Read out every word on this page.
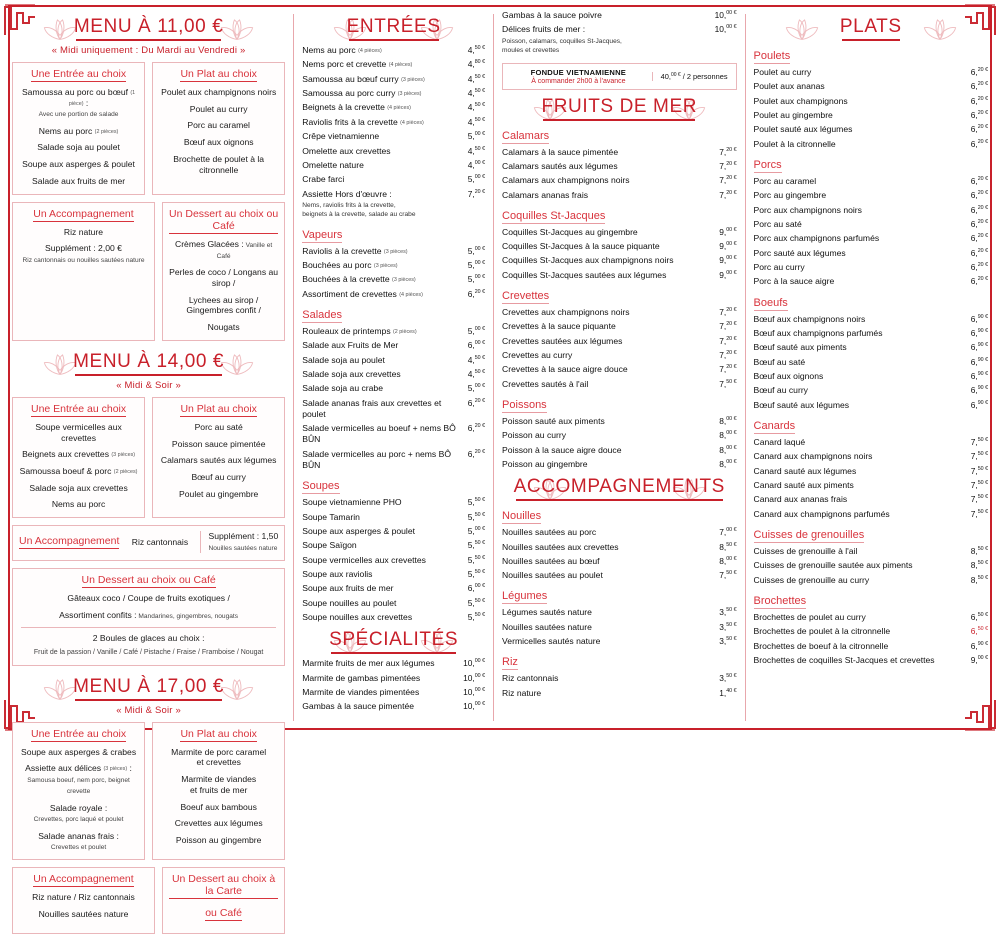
MENU À 11,00 €
« Midi uniquement : Du Mardi au Vendredi »
Une Entrée au choix
Samoussa au porc ou bœuf (1 pièce) :
Avec une portion de salade
Nems au porc (2 pièces)
Salade soja au poulet
Soupe aux asperges & poulet
Salade aux fruits de mer
Un Plat au choix
Poulet aux champignons noirs
Poulet au curry
Porc au caramel
Bœuf aux oignons
Brochette de poulet à la citronnelle
Un Accompagnement
Riz nature
Supplément : 2,00 €
Riz cantonnais ou nouilles sautées nature
Un Dessert au choix ou Café
Crèmes Glacées : Vanille et Café
Perles de coco / Longans au sirop /
Lychees au sirop / Gingembres confit /
Nougats
MENU À 14,00 €
« Midi & Soir »
Une Entrée au choix
Soupe vermicelles aux crevettes
Beignets aux crevettes (3 pièces)
Samoussa boeuf & porc (2 pièces)
Salade soja aux crevettes
Nems au porc
Un Plat au choix
Porc au saté
Poisson sauce pimentée
Calamars sautés aux légumes
Bœuf au curry
Poulet au gingembre
Un Accompagnement Riz cantonnais
Supplément : 1,50
Nouilles sautées nature
Un Dessert au choix ou Café
Gâteaux coco / Coupe de fruits exotiques /
Assortiment confits : Mandarines, gingembres, nougats
2 Boules de glaces au choix :
Fruit de la passion / Vanille / Café / Pistache / Fraise / Framboise / Nougat
MENU À 17,00 €
« Midi & Soir »
Une Entrée au choix
Soupe aux asperges & crabes
Assiette aux délices (3 pièces) :
Samousa boeuf, nem porc, beignet crevette
Salade royale :
Crevettes, porc laqué et poulet
Salade ananas frais :
Crevettes et poulet
Un Plat au choix
Marmite de porc caramel
et crevettes
Marmite de viandes
et fruits de mer
Boeuf aux bambous
Crevettes aux légumes
Poisson au gingembre
Un Accompagnement
Riz nature / Riz cantonnais
Nouilles sautées nature
Un Dessert au choix à la Carte
ou Café
ENTRÉES
Nems au porc (4 pièces)	4,$^{50 €}$
Nems porc et crevette (4 pièces)	4,$^{80 €}$
Samoussa au bœuf curry (3 pièces)	4,$^{50 €}$
Samoussa au porc curry (3 pièces)	4,$^{50 €}$
Beignets à la crevette (4 pièces)	4,$^{50 €}$
Raviolis frits à la crevette (4 pièces)	4,$^{50 €}$
Crêpe vietnamienne	5,$^{00 €}$
Omelette aux crevettes	4,$^{50 €}$
Omelette nature	4,$^{00 €}$
Crabe farci	5,$^{00 €}$
Assiette Hors d'œuvre :	7,$^{20 €}$
Nems, raviolis frits à la crevette,
beignets à la crevette, salade au crabe
Vapeurs
Raviolis à la crevette (3 pièces)	5,$^{00 €}$
Bouchées au porc (3 pièces)	5,$^{00 €}$
Bouchées à la crevette (3 pièces)	5,$^{00 €}$
Assortiment de crevettes (4 pièces)	6,$^{20 €}$
Salades
Rouleaux de printemps (2 pièces)	5,$^{00 €}$
Salade aux Fruits de Mer	6,$^{00 €}$
Salade soja au poulet	4,$^{50 €}$
Salade soja aux crevettes	4,$^{50 €}$
Salade soja au crabe	5,$^{00 €}$
Salade ananas frais aux crevettes et poulet
6,$^{20 €}$
Salade vermicelles au boeuf + nems BÔ BÛN
6,$^{20 €}$
Salade vermicelles au porc + nems BÔ BÛN
6,$^{20 €}$
Soupes
Soupe vietnamienne PHO	5,$^{50 €}$
Soupe Tamarin	5,$^{50 €}$
Soupe aux asperges & poulet	5,$^{00 €}$
Soupe Saïgon	5,$^{50 €}$
Soupe vermicelles aux crevettes	5,$^{50 €}$
Soupe aux raviolis	5,$^{50 €}$
Soupe aux fruits de mer	6,$^{00 €}$
Soupe nouilles au poulet	5,$^{50 €}$
Soupe nouilles aux crevettes	5,$^{50 €}$
SPÉCIALITÉS
Marmite fruits de mer aux légumes	10,$^{00 €}$
Marmite de gambas pimentées	10,$^{00 €}$
Marmite de viandes pimentées	10,$^{00 €}$
Gambas à la sauce pimentée	10,$^{00 €}$
Gambas à la sauce poivre	10,$^{00 €}$
Délices fruits de mer :	10,$^{00 €}$
Poisson, calamars, coquilles St-Jacques,
moules et crevettes
FONDUE VIETNAMIENNE
À commander 2h00 à l'avance
40,$^{00 €}$ / 2 personnes
FRUITS DE MER
Calamars
Calamars à la sauce pimentée	7,$^{20 €}$
Calamars sautés aux légumes	7,$^{20 €}$
Calamars aux champignons noirs	7,$^{20 €}$
Calamars ananas frais	7,$^{20 €}$
Coquilles St-Jacques
Coquilles St-Jacques au gingembre	9,$^{00 €}$
Coquilles St-Jacques à la sauce piquante	9,$^{00 €}$
Coquilles St-Jacques aux champignons noirs	9,$^{00 €}$
Coquilles St-Jacques sautées aux légumes	9,$^{00 €}$
Crevettes
Crevettes aux champignons noirs	7,$^{20 €}$
Crevettes à la sauce piquante	7,$^{20 €}$
Crevettes sautées aux légumes	7,$^{20 €}$
Crevettes au curry	7,$^{20 €}$
Crevettes à la sauce aigre douce	7,$^{20 €}$
Crevettes sautés à l'ail	7,$^{50 €}$
Poissons
Poisson sauté aux piments	8,$^{00 €}$
Poisson au curry	8,$^{00 €}$
Poisson à la sauce aigre douce	8,$^{00 €}$
Poisson au gingembre	8,$^{00 €}$
ACCOMPAGNEMENTS
Nouilles
Nouilles sautées au porc	7,$^{00 €}$
Nouilles sautées aux crevettes	8,$^{50 €}$
Nouilles sautées au bœuf	8,$^{00 €}$
Nouilles sautées au poulet	7,$^{50 €}$
Légumes
Légumes sautés nature	3,$^{50 €}$
Nouilles sautées nature	3,$^{50 €}$
Vermicelles sautés nature	3,$^{50 €}$
Riz
Riz cantonnais	3,$^{50 €}$
Riz nature	1,$^{40 €}$
PLATS
Poulets
Poulet au curry	6,$^{20 €}$
Poulet aux ananas	6,$^{20 €}$
Poulet aux champignons	6,$^{20 €}$
Poulet au gingembre	6,$^{20 €}$
Poulet sauté aux légumes	6,$^{20 €}$
Poulet à la citronnelle	6,$^{20 €}$
Porcs
Porc au caramel	6,$^{20 €}$
Porc au gingembre	6,$^{20 €}$
Porc aux champignons noirs	6,$^{20 €}$
Porc au saté	6,$^{20 €}$
Porc aux champignons parfumés	6,$^{20 €}$
Porc sauté aux légumes	6,$^{20 €}$
Porc au curry	6,$^{20 €}$
Porc à la sauce aigre	6,$^{20 €}$
Boeufs
Bœuf aux champignons noirs	6,$^{90 €}$
Bœuf aux champignons parfumés	6,$^{90 €}$
Bœuf sauté aux piments	6,$^{90 €}$
Bœuf au saté	6,$^{90 €}$
Bœuf aux oignons	6,$^{90 €}$
Bœuf au curry	6,$^{90 €}$
Bœuf sauté aux légumes	6,$^{90 €}$
Canards
Canard laqué	7,$^{50 €}$
Canard aux champignons noirs	7,$^{50 €}$
Canard sauté aux légumes	7,$^{50 €}$
Canard sauté aux piments	7,$^{50 €}$
Canard aux ananas frais	7,$^{50 €}$
Canard aux champignons parfumés	7,$^{50 €}$
Cuisses de grenouilles
Cuisses de grenouille à l'ail	8,$^{50 €}$
Cuisses de grenouille sautée aux piments	8,$^{50 €}$
Cuisses de grenouille au curry	8,$^{50 €}$
Brochettes
Brochettes de poulet au curry	6,$^{50 €}$
Brochettes de poulet à la citronnelle	6,$^{50 €}$
Brochettes de boeuf à la citronnelle	6,$^{90 €}$
Brochettes de coquilles St-Jacques et crevettes	9,$^{00 €}$
